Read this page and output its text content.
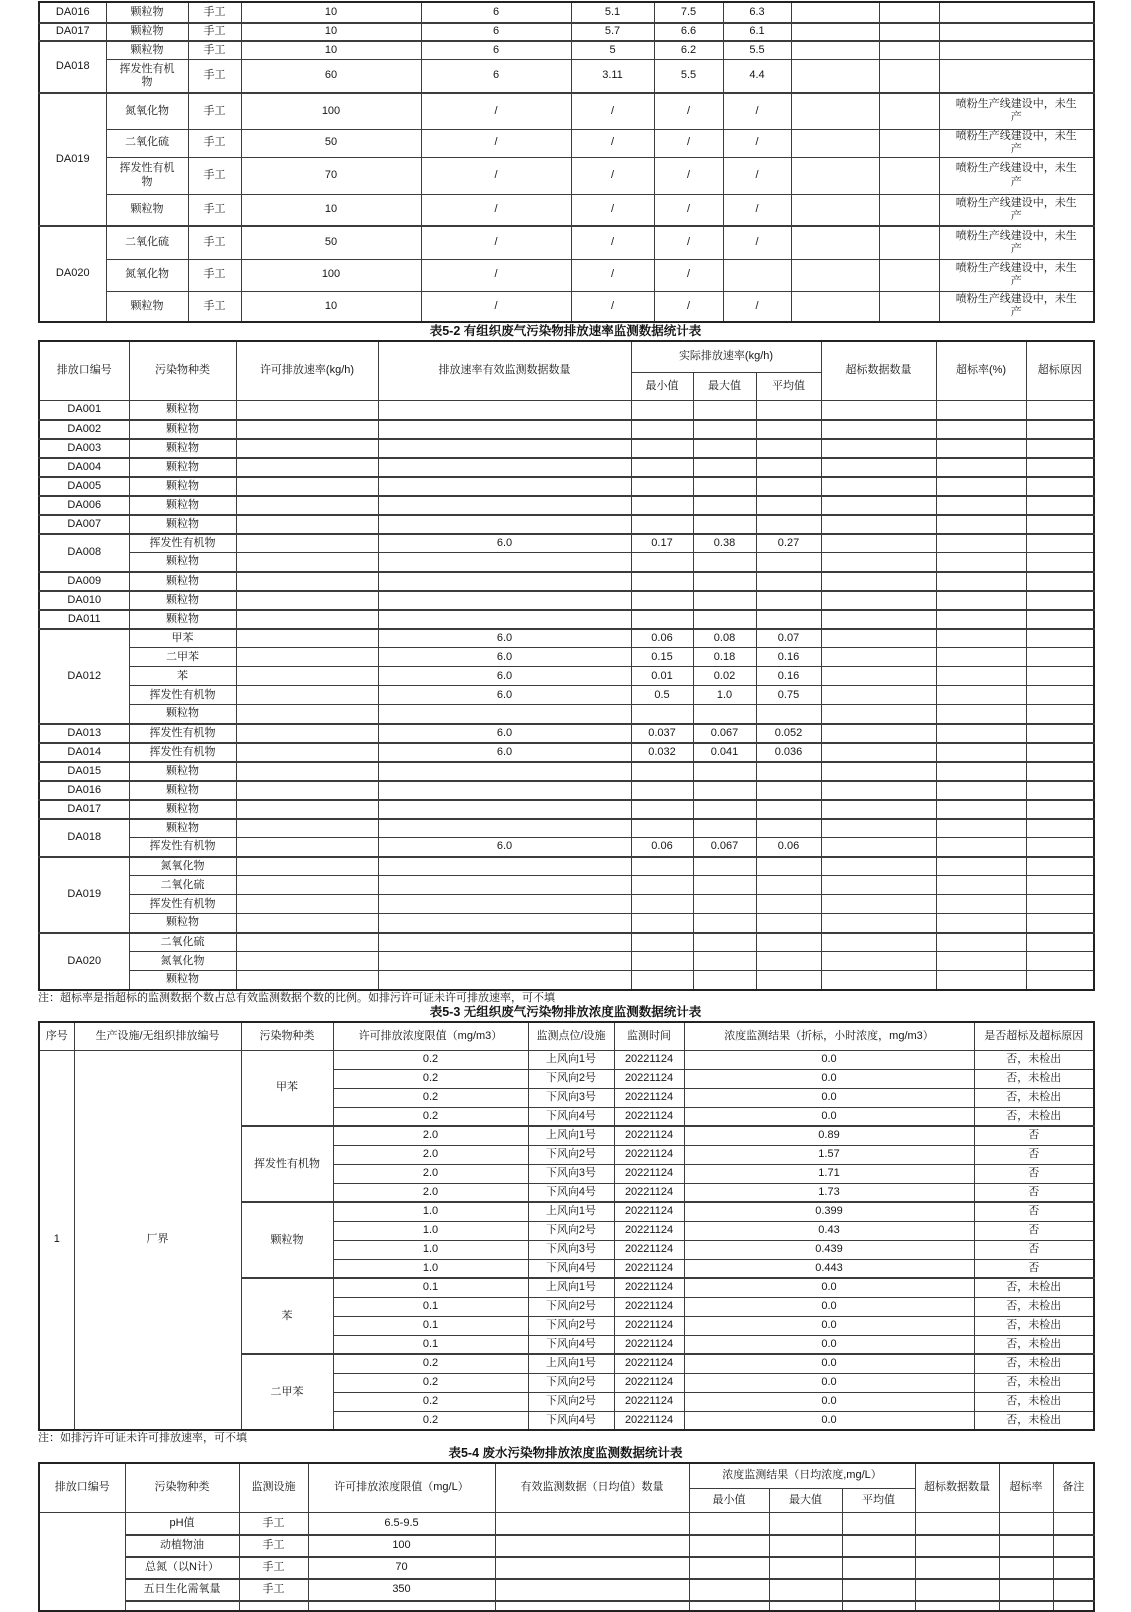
DA016	颗粒物	手工	10	6	5.1	7.5	6.3			
DA017	颗粒物	手工	10	6	5.7	6.6	6.1			
DA018	颗粒物	手工	10	6	5	6.2	5.5			
	挥发性有机物	手工	60	6	3.11	5.5	4.4			
DA019	氮氧化物	手工	100	/	/	/	/			喷粉生产线建设中，未生产
	二氧化硫	手工	50	/	/	/	/			喷粉生产线建设中，未生产
	挥发性有机物	手工	70	/	/	/	/			喷粉生产线建设中，未生产
	颗粒物	手工	10	/	/	/	/			喷粉生产线建设中，未生产
DA020	二氧化硫	手工	50	/	/	/	/			喷粉生产线建设中，未生产
	氮氧化物	手工	100	/	/	/				喷粉生产线建设中，未生产
	颗粒物	手工	10	/	/	/	/			喷粉生产线建设中，未生产
表5-2 有组织废气污染物排放速率监测数据统计表
排放口编号	污染物种类	许可排放速率(kg/h)	排放速率有效监测数据数量	实际排放速率(kg/h)			超标数据数量	超标率(%)	超标原因
				最小值	最大值	平均值			
DA001	颗粒物								
DA002	颗粒物								
DA003	颗粒物								
DA004	颗粒物								
DA005	颗粒物								
DA006	颗粒物								
DA007	颗粒物								
DA008	挥发性有机物		6.0	0.17	0.38	0.27			
	颗粒物								
DA009	颗粒物								
DA010	颗粒物								
DA011	颗粒物								
DA012	甲苯		6.0	0.06	0.08	0.07			
	二甲苯		6.0	0.15	0.18	0.16			
	苯		6.0	0.01	0.02	0.16			
	挥发性有机物		6.0	0.5	1.0	0.75			
	颗粒物								
DA013	挥发性有机物		6.0	0.037	0.067	0.052			
DA014	挥发性有机物		6.0	0.032	0.041	0.036			
DA015	颗粒物								
DA016	颗粒物								
DA017	颗粒物								
DA018	颗粒物								
	挥发性有机物		6.0	0.06	0.067	0.06			
DA019	氮氧化物								
	二氧化硫								
	挥发性有机物								
	颗粒物								
DA020	二氧化硫								
	氮氧化物								
	颗粒物								
注：超标率是指超标的监测数据个数占总有效监测数据个数的比例。如排污许可证未许可排放速率，可不填
表5-3 无组织废气污染物排放浓度监测数据统计表
序号	生产设施/无组织排放编号	污染物种类	许可排放浓度限值（mg/m3）	监测点位/设施	监测时间	浓度监测结果（折标，小时浓度，mg/m3）	是否超标及超标原因
1	厂界	甲苯	0.2	上风向1号	20221124	0.0	否，未检出
			0.2	下风向2号	20221124	0.0	否，未检出
			0.2	下风向3号	20221124	0.0	否，未检出
			0.2	下风向4号	20221124	0.0	否，未检出
		挥发性有机物	2.0	上风向1号	20221124	0.89	否
			2.0	下风向2号	20221124	1.57	否
			2.0	下风向3号	20221124	1.71	否
			2.0	下风向4号	20221124	1.73	否
		颗粒物	1.0	上风向1号	20221124	0.399	否
			1.0	下风向2号	20221124	0.43	否
			1.0	下风向3号	20221124	0.439	否
			1.0	下风向4号	20221124	0.443	否
		苯	0.1	上风向1号	20221124	0.0	否，未检出
			0.1	下风向2号	20221124	0.0	否，未检出
			0.1	下风向2号	20221124	0.0	否，未检出
			0.1	下风向4号	20221124	0.0	否，未检出
		二甲苯	0.2	上风向1号	20221124	0.0	否，未检出
			0.2	下风向2号	20221124	0.0	否，未检出
			0.2	下风向2号	20221124	0.0	否，未检出
			0.2	下风向4号	20221124	0.0	否，未检出
注：如排污许可证未许可排放速率，可不填
表5-4 废水污染物排放浓度监测数据统计表
排放口编号	污染物种类	监测设施	许可排放浓度限值（mg/L）	有效监测数据（日均值）数量	浓度监测结果（日均浓度,mg/L）			超标数据数量	超标率	备注
					最小值	最大值	平均值			
	pH值	手工	6.5-9.5							
	动植物油	手工	100							
	总氮（以N计）	手工	70							
	五日生化需氧量	手工	350							
